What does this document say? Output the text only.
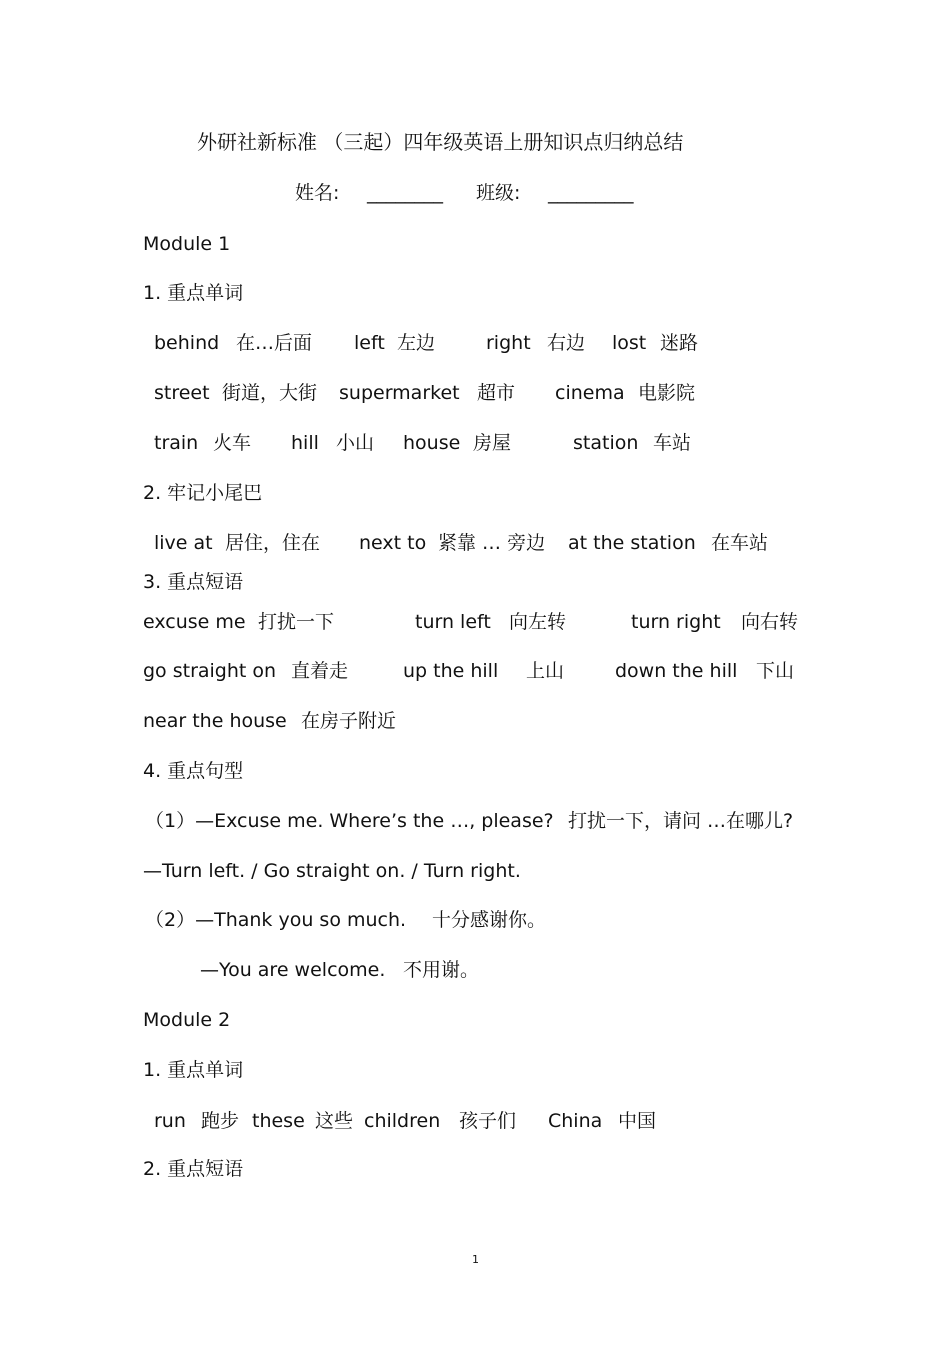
外研社新标准 （三起）四年级英语上册知识点归纳总结
姓名: ________ 班级: _________
Module 1
1. 重点单词
behind 在…后面 left 左边	right 右边 lost 迷路
street 街道，大街 supermarket 超市 cinema 电影院
train 火车 hill 小山 house 房屋	station 车站
2. 牢记小尾巴
live at 居住，住在 next to 紧靠 … 旁边 at the station 在车站
3. 重点短语
excuse me 打扰一下	turn left 向左转	turn right 向右转
go straight on 直着走	up the hill 上山	down the hill 下山
near the house 在房子附近
4. 重点句型
（1）—Excuse me. Where’s the …, please? 打扰一下，请问 …在哪儿?
—Turn left. / Go straight on. / Turn right.
（2）—Thank you so much. 十分感谢你。
—You are welcome. 不用谢。
Module 2
1. 重点单词
run 跑步 these 这些 children 孩子们 China 中国
2. 重点短语
1
